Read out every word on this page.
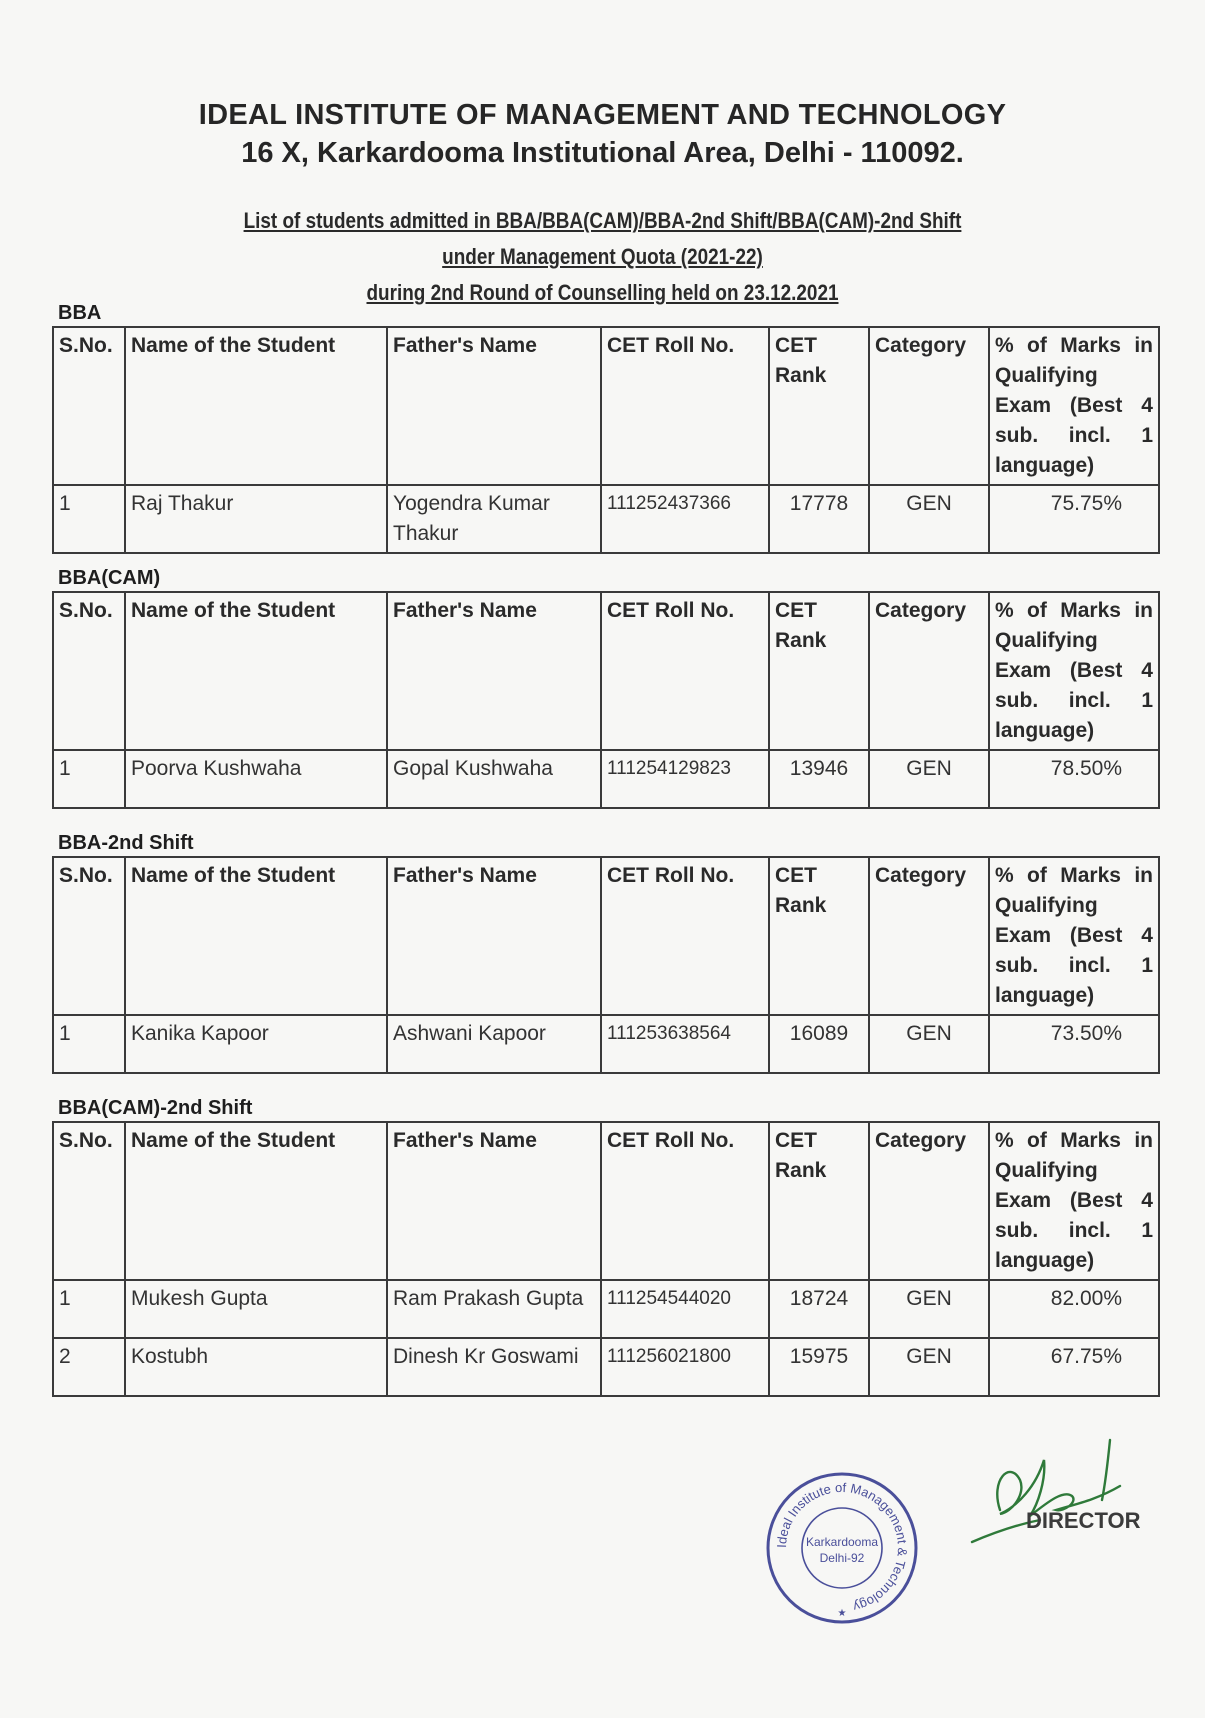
IDEAL INSTITUTE OF MANAGEMENT AND TECHNOLOGY

16 X, Karkardooma Institutional Area, Delhi - 110092.

List of students admitted in BBA/BBA(CAM)/BBA-2nd Shift/BBA(CAM)-2nd Shift
under Management Quota (2021-22)
during 2nd Round of Counselling held on 23.12.2021
BBA
S.No.	Name of the Student	Father's Name	CET Roll No.	CET Rank	Category	% of Marks in Qualifying Exam (Best 4 sub. incl. 1 language)
1	Raj Thakur	Yogendra Kumar Thakur	111252437366	17778	GEN	75.75%
BBA(CAM)
S.No.	Name of the Student	Father's Name	CET Roll No.	CET Rank	Category	% of Marks in Qualifying Exam (Best 4 sub. incl. 1 language)
1	Poorva Kushwaha	Gopal Kushwaha	111254129823	13946	GEN	78.50%
BBA-2nd Shift
S.No.	Name of the Student	Father's Name	CET Roll No.	CET Rank	Category	% of Marks in Qualifying Exam (Best 4 sub. incl. 1 language)
1	Kanika Kapoor	Ashwani Kapoor	111253638564	16089	GEN	73.50%
BBA(CAM)-2nd Shift
S.No.	Name of the Student	Father's Name	CET Roll No.	CET Rank	Category	% of Marks in Qualifying Exam (Best 4 sub. incl. 1 language)
1	Mukesh Gupta	Ram Prakash Gupta	111254544020	18724	GEN	82.00%
2	Kostubh	Dinesh Kr Goswami	111256021800	15975	GEN	67.75%
Ideal Institute of Management & Technology
Karkardooma
Delhi-92
★
DIRECTOR
